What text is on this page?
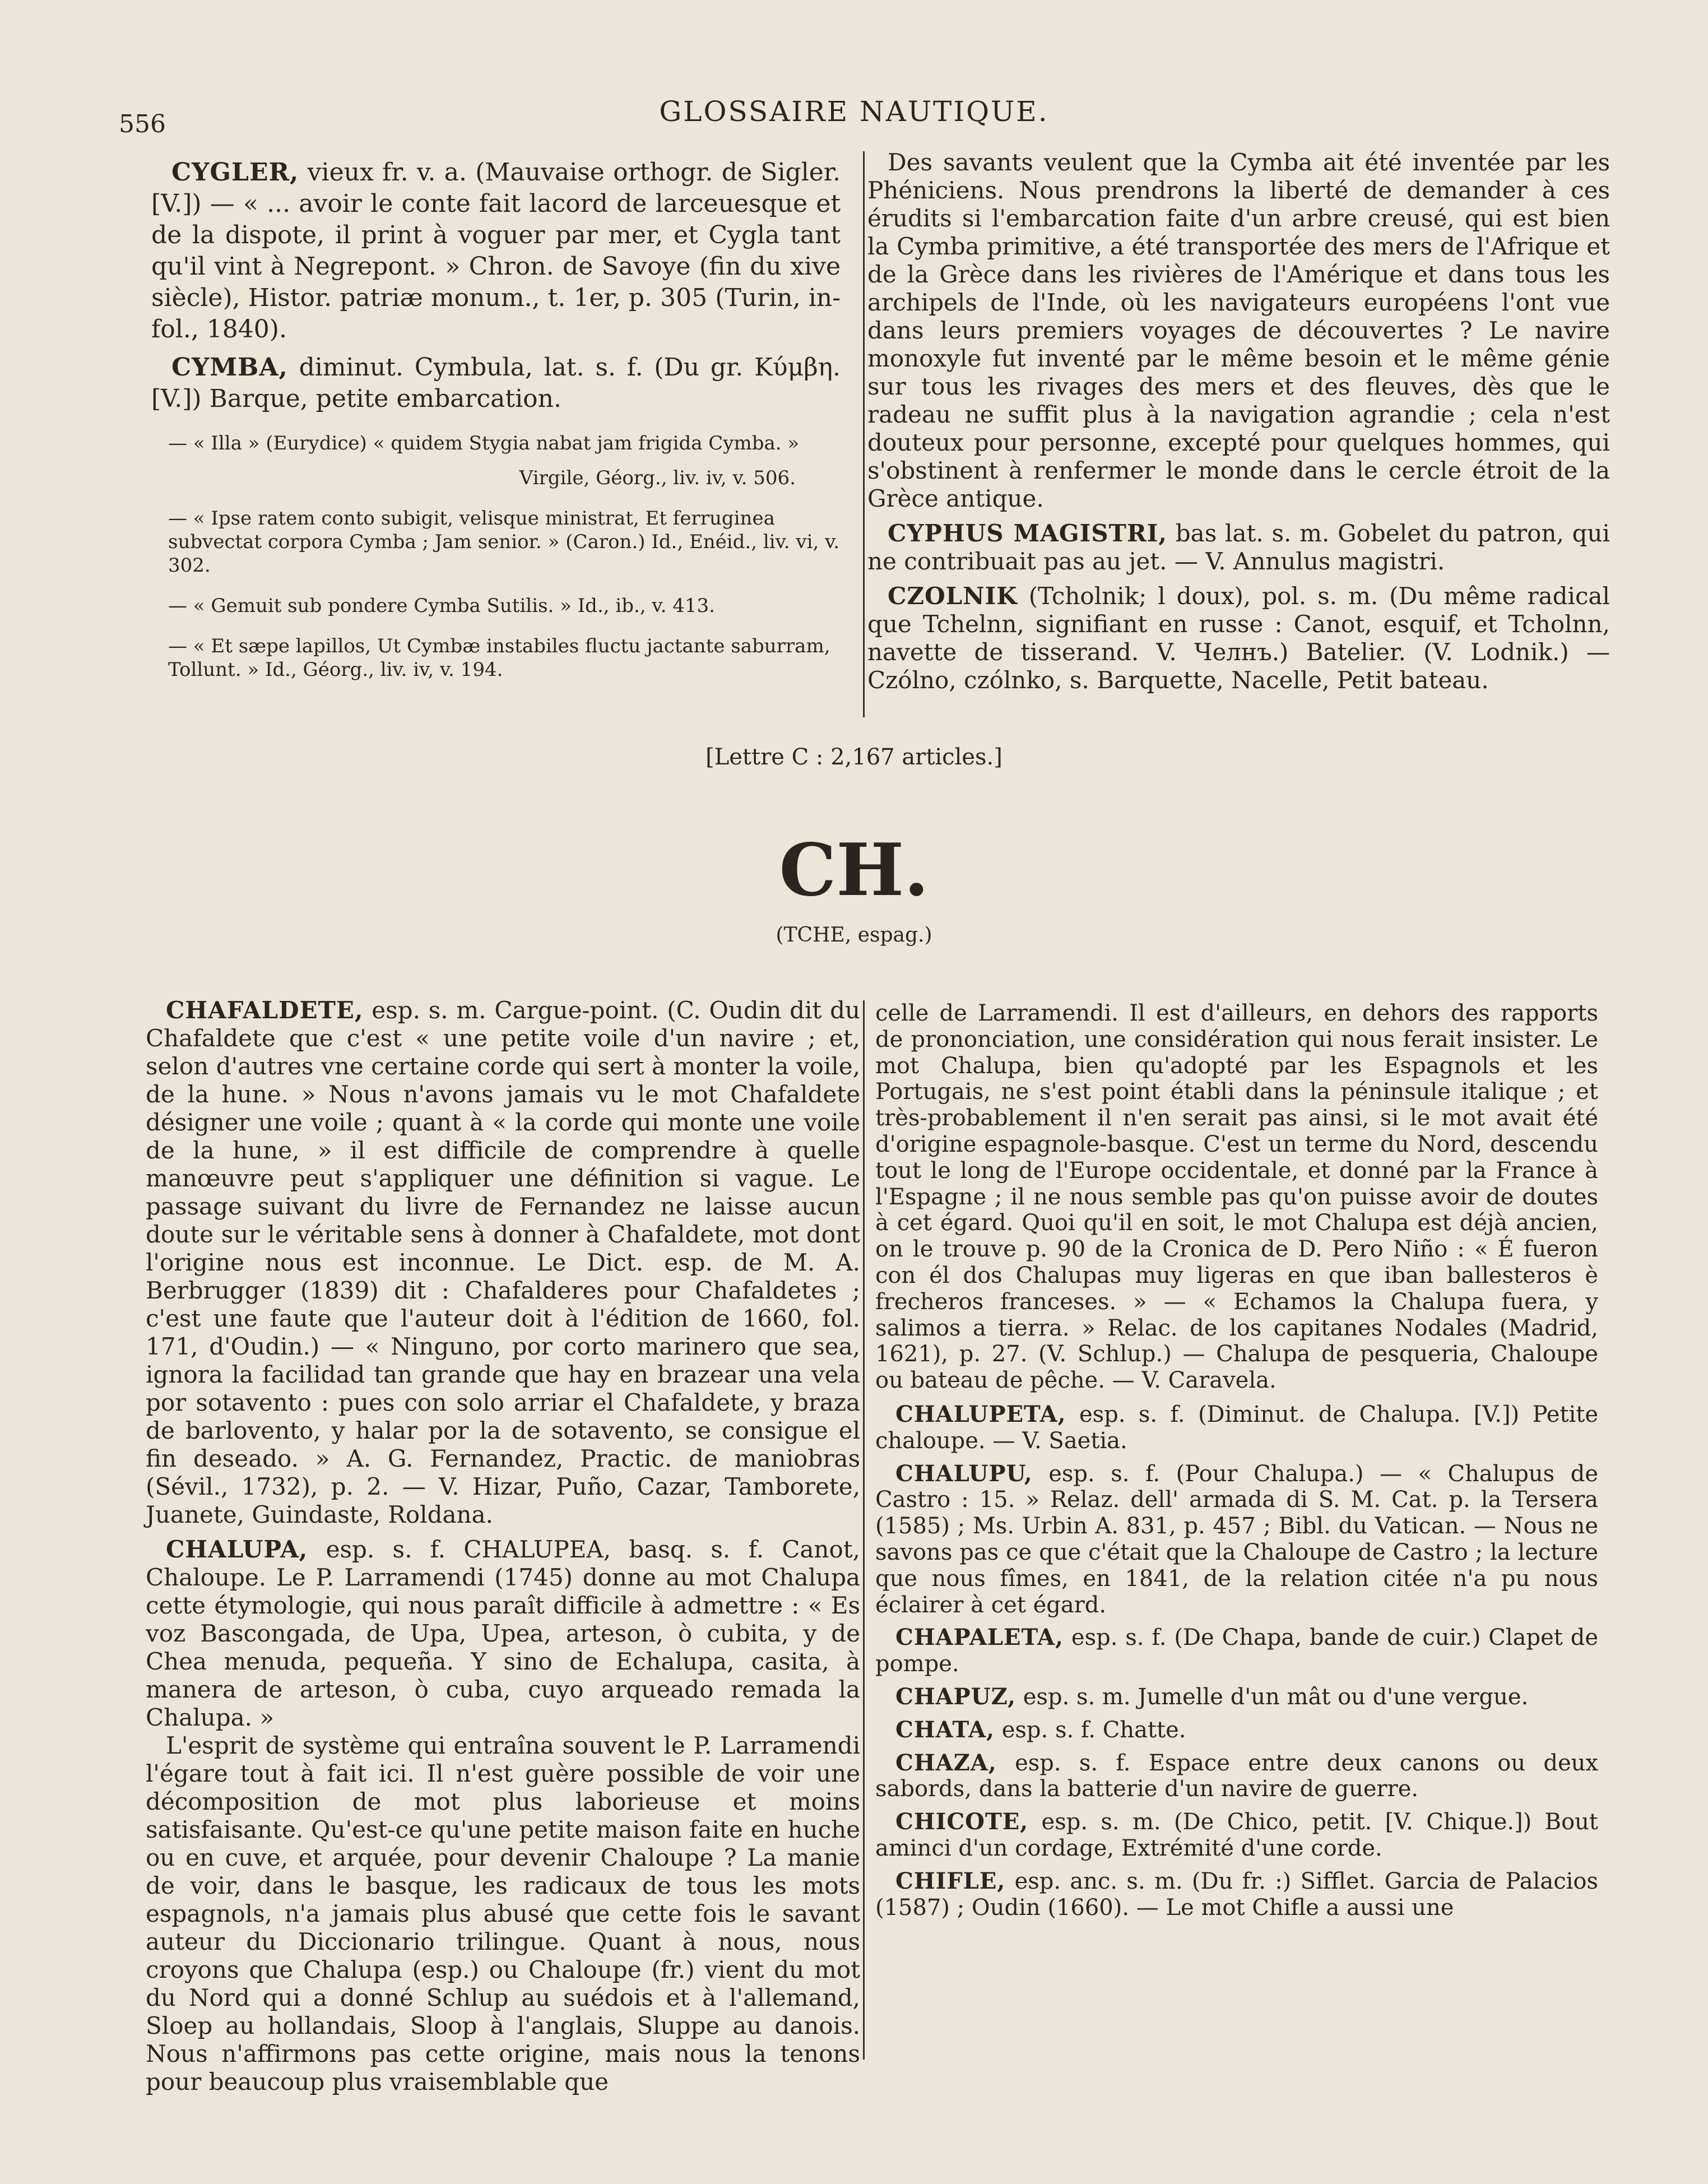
556	GLOSSAIRE NAUTIQUE.

CYGLER, vieux fr. v. a. (Mauvaise orthogr. de Sigler. [V.]) — « ... avoir le conte fait lacord de larceuesque et de la dispote, il print à voguer par mer, et Cygla tant qu'il vint à Negrepont. » Chron. de Savoye (fin du xive siècle), Histor. patriæ monum., t. 1er, p. 305 (Turin, in-fol., 1840).

CYMBA, diminut. Cymbula, lat. s. f. (Du gr. Κύμβη. [V.]) Barque, petite embarcation.

— « Illa » (Eurydice) « quidem Stygia nabat jam frigida Cymba. »
Virgile, Géorg., liv. iv, v. 506.
— « Ipse ratem conto subigit, velisque ministrat, Et ferruginea subvectat corpora Cymba ; Jam senior. » (Caron.) Id., Enéid., liv. vi, v. 302.
— « Gemuit sub pondere Cymba Sutilis. » Id., ib., v. 413.
— « Et sæpe lapillos, Ut Cymbæ instabiles fluctu jactante saburram, Tollunt. » Id., Géorg., liv. iv, v. 194.

Des savants veulent que la Cymba ait été inventée par les Phéniciens. Nous prendrons la liberté de demander à ces érudits si l'embarcation faite d'un arbre creusé, qui est bien la Cymba primitive, a été transportée des mers de l'Afrique et de la Grèce dans les rivières de l'Amérique et dans tous les archipels de l'Inde, où les navigateurs européens l'ont vue dans leurs premiers voyages de découvertes ? Le navire monoxyle fut inventé par le même besoin et le même génie sur tous les rivages des mers et des fleuves, dès que le radeau ne suffit plus à la navigation agrandie ; cela n'est douteux pour personne, excepté pour quelques hommes, qui s'obstinent à renfermer le monde dans le cercle étroit de la Grèce antique.

CYPHUS MAGISTRI, bas lat. s. m. Gobelet du patron, qui ne contribuait pas au jet. — V. Annulus magistri.

CZOLNIK (Tcholnik; l doux), pol. s. m. (Du même radical que Tchelnn, signifiant en russe : Canot, esquif, et Tcholnn, navette de tisserand. V. Челнъ.) Batelier. (V. Lodnik.) — Czólno, czólnko, s. Barquette, Nacelle, Petit bateau.

[Lettre C : 2,167 articles.]
CH.
(TCHE, espag.)

CHAFALDETE, esp. s. m. Cargue-point. (C. Oudin dit du Chafaldete que c'est « une petite voile d'un navire ; et, selon d'autres vne certaine corde qui sert à monter la voile, de la hune. » Nous n'avons jamais vu le mot Chafaldete désigner une voile ; quant à « la corde qui monte une voile de la hune, » il est difficile de comprendre à quelle manœuvre peut s'appliquer une définition si vague. Le passage suivant du livre de Fernandez ne laisse aucun doute sur le véritable sens à donner à Chafaldete, mot dont l'origine nous est inconnue. Le Dict. esp. de M. A. Berbrugger (1839) dit : Chafalderes pour Chafaldetes ; c'est une faute que l'auteur doit à l'édition de 1660, fol. 171, d'Oudin.) — « Ninguno, por corto marinero que sea, ignora la facilidad tan grande que hay en brazear una vela por sotavento : pues con solo arriar el Chafaldete, y braza de barlovento, y halar por la de sotavento, se consigue el fin deseado. » A. G. Fernandez, Practic. de maniobras (Sévil., 1732), p. 2. — V. Hizar, Puño, Cazar, Tamborete, Juanete, Guindaste, Roldana.

CHALUPA, esp. s. f. CHALUPEA, basq. s. f. Canot, Chaloupe. Le P. Larramendi (1745) donne au mot Chalupa cette étymologie, qui nous paraît difficile à admettre : « Es voz Bascongada, de Upa, Upea, arteson, ò cubita, y de Chea menuda, pequeña. Y sino de Echalupa, casita, à manera de arteson, ò cuba, cuyo arqueado remada la Chalupa. »

L'esprit de système qui entraîna souvent le P. Larramendi l'égare tout à fait ici. Il n'est guère possible de voir une décomposition de mot plus laborieuse et moins satisfaisante. Qu'est-ce qu'une petite maison faite en huche ou en cuve, et arquée, pour devenir Chaloupe ? La manie de voir, dans le basque, les radicaux de tous les mots espagnols, n'a jamais plus abusé que cette fois le savant auteur du Diccionario trilingue. Quant à nous, nous croyons que Chalupa (esp.) ou Chaloupe (fr.) vient du mot du Nord qui a donné Schlup au suédois et à l'allemand, Sloep au hollandais, Sloop à l'anglais, Sluppe au danois. Nous n'affirmons pas cette origine, mais nous la tenons pour beaucoup plus vraisemblable que

celle de Larramendi. Il est d'ailleurs, en dehors des rapports de prononciation, une considération qui nous ferait insister. Le mot Chalupa, bien qu'adopté par les Espagnols et les Portugais, ne s'est point établi dans la péninsule italique ; et très-probablement il n'en serait pas ainsi, si le mot avait été d'origine espagnole-basque. C'est un terme du Nord, descendu tout le long de l'Europe occidentale, et donné par la France à l'Espagne ; il ne nous semble pas qu'on puisse avoir de doutes à cet égard. Quoi qu'il en soit, le mot Chalupa est déjà ancien, on le trouve p. 90 de la Cronica de D. Pero Niño : « É fueron con él dos Chalupas muy ligeras en que iban ballesteros è frecheros franceses. » — « Echamos la Chalupa fuera, y salimos a tierra. » Relac. de los capitanes Nodales (Madrid, 1621), p. 27. (V. Schlup.) — Chalupa de pesqueria, Chaloupe ou bateau de pêche. — V. Caravela.

CHALUPETA, esp. s. f. (Diminut. de Chalupa. [V.]) Petite chaloupe. — V. Saetia.

CHALUPU, esp. s. f. (Pour Chalupa.) — « Chalupus de Castro : 15. » Relaz. dell' armada di S. M. Cat. p. la Tersera (1585) ; Ms. Urbin A. 831, p. 457 ; Bibl. du Vatican. — Nous ne savons pas ce que c'était que la Chaloupe de Castro ; la lecture que nous fîmes, en 1841, de la relation citée n'a pu nous éclairer à cet égard.

CHAPALETA, esp. s. f. (De Chapa, bande de cuir.) Clapet de pompe.

CHAPUZ, esp. s. m. Jumelle d'un mât ou d'une vergue.

CHATA, esp. s. f. Chatte.

CHAZA, esp. s. f. Espace entre deux canons ou deux sabords, dans la batterie d'un navire de guerre.

CHICOTE, esp. s. m. (De Chico, petit. [V. Chique.]) Bout aminci d'un cordage, Extrémité d'une corde.

CHIFLE, esp. anc. s. m. (Du fr. :) Sifflet. Garcia de Palacios (1587) ; Oudin (1660). — Le mot Chifle a aussi une
